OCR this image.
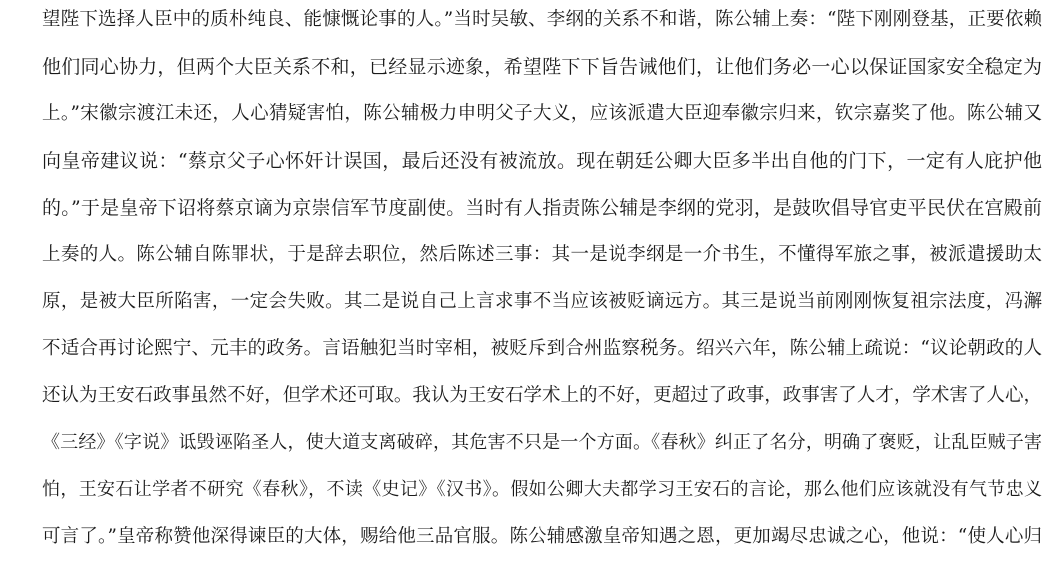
望陛下选择人臣中的质朴纯良、能慷慨论事的人。”当时吴敏、李纲的关系不和谐，陈公辅上奏：“陛下刚刚登基，正要依赖
他们同心协力，但两个大臣关系不和，已经显示迹象，希望陛下下旨告诫他们，让他们务必一心以保证国家安全稳定为
上。”宋徽宗渡江未还，人心猜疑害怕，陈公辅极力申明父子大义，应该派遣大臣迎奉徽宗归来，钦宗嘉奖了他。陈公辅又
向皇帝建议说：“蔡京父子心怀奸计误国，最后还没有被流放。现在朝廷公卿大臣多半出自他的门下，一定有人庇护他
的。”于是皇帝下诏将蔡京谪为京崇信军节度副使。当时有人指责陈公辅是李纲的党羽，是鼓吹倡导官吏平民伏在宫殿前
上奏的人。陈公辅自陈罪状，于是辞去职位，然后陈述三事：其一是说李纲是一介书生，不懂得军旅之事，被派遣援助太
原，是被大臣所陷害，一定会失败。其二是说自己上言求事不当应该被贬谪远方。其三是说当前刚刚恢复祖宗法度，冯澥
不适合再讨论熙宁、元丰的政务。言语触犯当时宰相，被贬斥到合州监察税务。绍兴六年，陈公辅上疏说：“议论朝政的人
还认为王安石政事虽然不好，但学术还可取。我认为王安石学术上的不好，更超过了政事，政事害了人才，学术害了人心，
《三经》《字说》诋毁诬陷圣人，使大道支离破碎，其危害不只是一个方面。《春秋》纠正了名分，明确了褒贬，让乱臣贼子害
怕，王安石让学者不研究《春秋》，不读《史记》《汉书》。假如公卿大夫都学习王安石的言论，那么他们应该就没有气节忠义
可言了。”皇帝称赞他深得谏臣的大体，赐给他三品官服。陈公辅感激皇帝知遇之恩，更加竭尽忠诚之心，他说：“使人心归
